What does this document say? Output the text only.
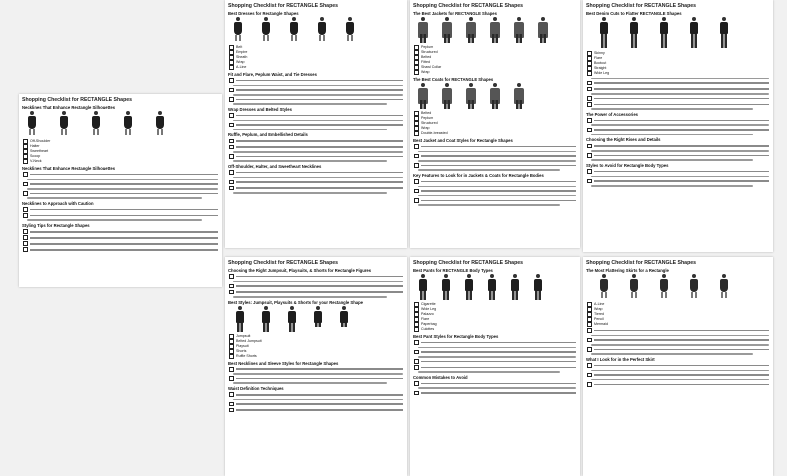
Shopping Checklist for RECTANGLE Shapes
Necklines That Enhance Rectangle Silhouettes
Off-Shoulder
Halter
Sweetheart
Scoop
V-Neck
Necklines That Enhance Rectangle Silhouettes
Necklines to Approach with Caution
Styling Tips for Rectangle Shapes
Shopping Checklist for RECTANGLE Shapes
Best Dresses for Rectangle Shapes
Belt
Empire
Sheath
Wrap
A-Line
Fit and Flare, Peplum Waist, and Tie Dresses
Wrap Dresses and Belted Styles
Ruffle, Peplum, and Embellished Details
Off-Shoulder, Halter, and Sweetheart Necklines
Shopping Checklist for RECTANGLE Shapes
The Best Jackets for RECTANGLE Shapes
Peplum
Structured
Belted
Fitted
Shawl Collar
Wrap
The Best Coats for RECTANGLE Shapes
Belted
Peplum
Structured
Wrap
Double-breasted
Best Jacket and Coat Styles for Rectangle Shapes
Key Features to Look for in Jackets & Coats for Rectangle Bodies
Shopping Checklist for RECTANGLE Shapes
Best Denim Cuts to Flatter RECTANGLE Shapes
Skinny
Flare
Bootcut
Straight
Wide Leg
The Power of Accessories
Choosing the Right Rises and Details
Styles to Avoid for Rectangle Body Types
Shopping Checklist for RECTANGLE Shapes
Choosing the Right Jumpsuit, Playsuits, & Shorts for Rectangle Figures
Best Styles: Jumpsuit, Playsuits & Shorts for your Rectangle Shape
Jumpsuit
Belted Jumpsuit
Playsuit
Shorts
Ruffle Shorts
Best Necklines and Sleeve Styles for Rectangle Shapes
Waist Definition Techniques
Shopping Checklist for RECTANGLE Shapes
Best Pants for RECTANGLE Body Types
Cigarette
Wide Leg
Palazzo
Flare
Paperbag
Culottes
Best Pant Styles for Rectangle Body Types
Common Mistakes to Avoid
Shopping Checklist for RECTANGLE Shapes
The Most Flattering Skirts for a Rectangle
A-Line
Wrap
Tiered
Pencil
Mermaid
What I Look for in the Perfect Skirt
